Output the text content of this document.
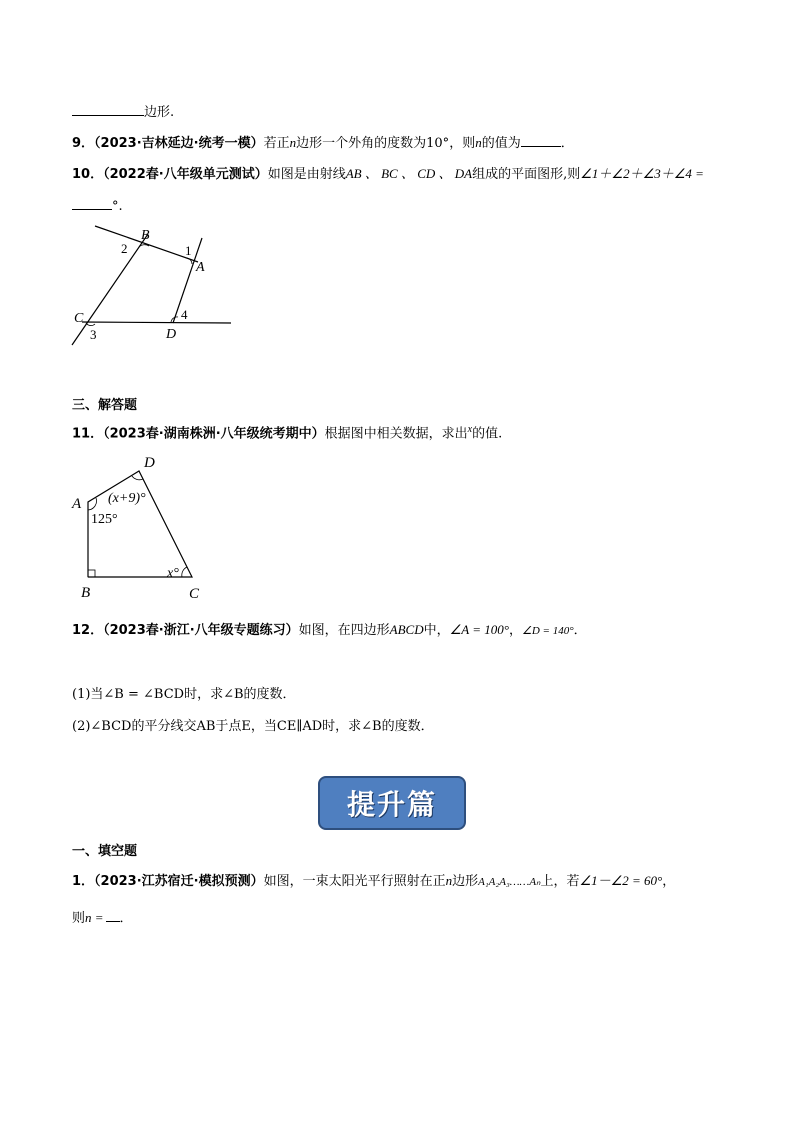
边形.
9．（2023·吉林延边·统考一模）若正n边形一个外角的度数为10°，则n的值为	．
10．（2022春·八年级单元测试）如图是由射线AB 、 BC 、 CD 、 DA组成的平面图形,则∠1＋∠2＋∠3＋∠4 =
°.
B
A
C
D
1
2
3
4
三、解答题
11．（2023春·湖南株洲·八年级统考期中）根据图中相关数据，求出$^x$的值.
A
B	C
D
125°
(x+9)°
x°
12．（2023春·浙江·八年级专题练习）如图，在四边形ABCD中，∠A = 100°，∠D = 140°．
(1)当∠B = ∠BCD时，求∠B的度数．
(2)∠BCD的平分线交AB于点E，当CE∥AD时，求∠B的度数．
提升篇
一、填空题
1．（2023·江苏宿迁·模拟预测）如图，一束太阳光平行照射在正n边形A₁A₂A₃……Aₙ上，若∠1－∠2 = 60°，
则n = ．
